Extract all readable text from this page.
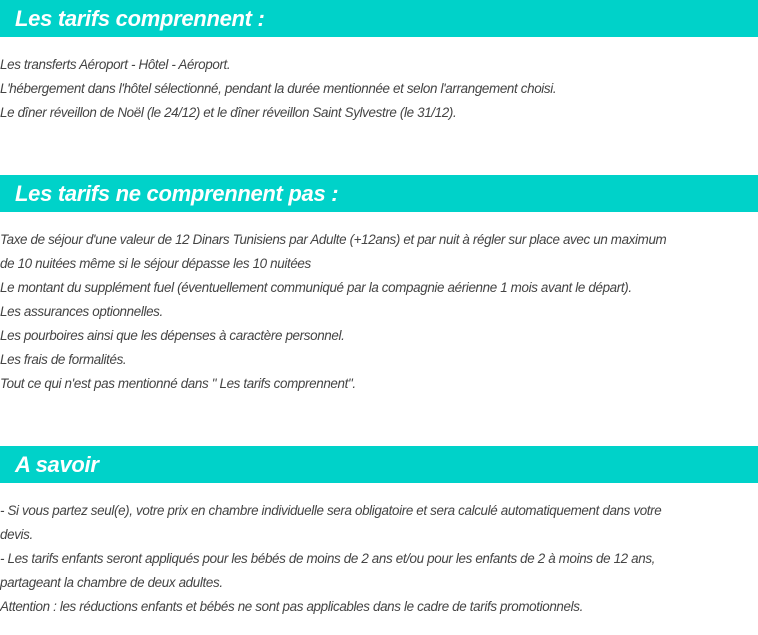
Les tarifs comprennent :
Les transferts Aéroport - Hôtel - Aéroport.
L'hébergement dans l'hôtel sélectionné, pendant la durée mentionnée et selon l'arrangement choisi.
Le dîner réveillon de Noël (le 24/12) et le dîner réveillon Saint Sylvestre (le 31/12).
Les tarifs ne comprennent pas :
Taxe de séjour d'une valeur de 12 Dinars Tunisiens par Adulte (+12ans) et par nuit à régler sur place avec un maximum
de 10 nuitées même si le séjour dépasse les 10 nuitées
Le montant du supplément fuel (éventuellement communiqué par la compagnie aérienne 1 mois avant le départ).
Les assurances optionnelles.
Les pourboires ainsi que les dépenses à caractère personnel.
Les frais de formalités.
Tout ce qui n'est pas mentionné dans " Les tarifs comprennent".
A savoir
- Si vous partez seul(e), votre prix en chambre individuelle sera obligatoire et sera calculé automatiquement dans votre
devis.
- Les tarifs enfants seront appliqués pour les bébés de moins de 2 ans et/ou pour les enfants de 2 à moins de 12 ans,
partageant la chambre de deux adultes.
Attention : les réductions enfants et bébés ne sont pas applicables dans le cadre de tarifs promotionnels.
